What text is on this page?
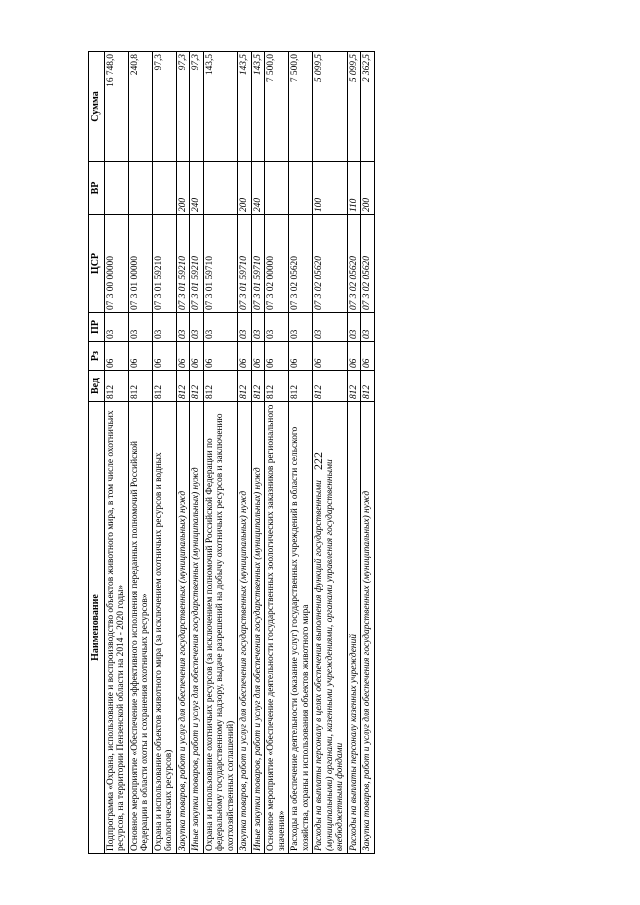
222
Наименование	Вед	Рз	ПР	ЦСР	ВР	Сумма
Подпрограмма «Охрана, использование и воспроизводство объектов животного мира, в том числе охотничьих ресурсов, на территории Пензенской области на 2014 - 2020 годы»	812	06	03	07 3 00 00000		16 748,0
Основное мероприятие «Обеспечение эффективного исполнения переданных полномочий Российской Федерации в области охоты и сохранения охотничьих ресурсов»	812	06	03	07 3 01 00000		240,8
Охрана и использование объектов животного мира (за исключением охотничьих ресурсов и водных биологических ресурсов)	812	06	03	07 3 01 59210		97,3
Закупка товаров, работ и услуг для обеспечения государственных (муниципальных) нужд	812	06	03	07 3 01 59210	200	97,3
Иные закупки товаров, работ и услуг для обеспечения государственных (муниципальных) нужд	812	06	03	07 3 01 59210	240	97,3
Охрана и использование охотничьих ресурсов (за исключением полномочий Российской Федерации по федеральному государственному надзору, выдаче разрешений на добычу охотничьих ресурсов и заключению охотхозяйственных соглашений)	812	06	03	07 3 01 59710		143,5
Закупка товаров, работ и услуг для обеспечения государственных (муниципальных) нужд	812	06	03	07 3 01 59710	200	143,5
Иные закупки товаров, работ и услуг для обеспечения государственных (муниципальных) нужд	812	06	03	07 3 01 59710	240	143,5
Основное мероприятие «Обеспечение деятельности государственных зоологических заказников регионального значения»	812	06	03	07 3 02 00000		7 500,0
Расходы на обеспечение деятельности (оказание услуг) государственных учреждений в области сельского хозяйства, охраны и использования объектов животного мира	812	06	03	07 3 02 05620		7 500,0
Расходы на выплаты персоналу в целях обеспечения выполнения функций государственными (муниципальными) органами, казенными учреждениями, органами управления государственными внебюджетными фондами	812	06	03	07 3 02 05620	100	5 099,5
Расходы на выплаты персоналу казенных учреждений	812	06	03	07 3 02 05620	110	5 099,5
Закупка товаров, работ и услуг для обеспечения государственных (муниципальных) нужд	812	06	03	07 3 02 05620	200	2 362,5
